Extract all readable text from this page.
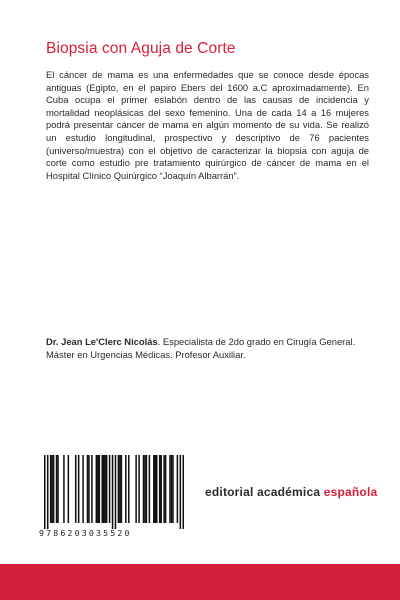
Biopsia con Aguja de Corte
El cáncer de mama es una enfermedades que se conoce desde épocas antiguas (Egipto, en el papiro Ebers del 1600 a.C aproximadamente). En Cuba ocupa el primer eslabón dentro de las causas de incidencia y mortalidad neoplásicas del sexo femenino. Una de cada 14 a 16 mujeres podrá presentar cáncer de mama en algún momento de su vida. Se realizó un estudio longitudinal, prospectivo y descriptivo de 76 pacientes (universo/muestra) con el objetivo de caracterizar la biopsia con aguja de corte como estudio pre tratamiento quirúrgico de cáncer de mama en el Hospital Clínico Quirúrgico “Joaquín Albarrán”.
Dr. Jean Le'Clerc Nicolás. Especialista de 2do grado en Cirugía General. Máster en Urgencias Médicas. Profesor Auxiliar.
9786203035520
editorial académica española
